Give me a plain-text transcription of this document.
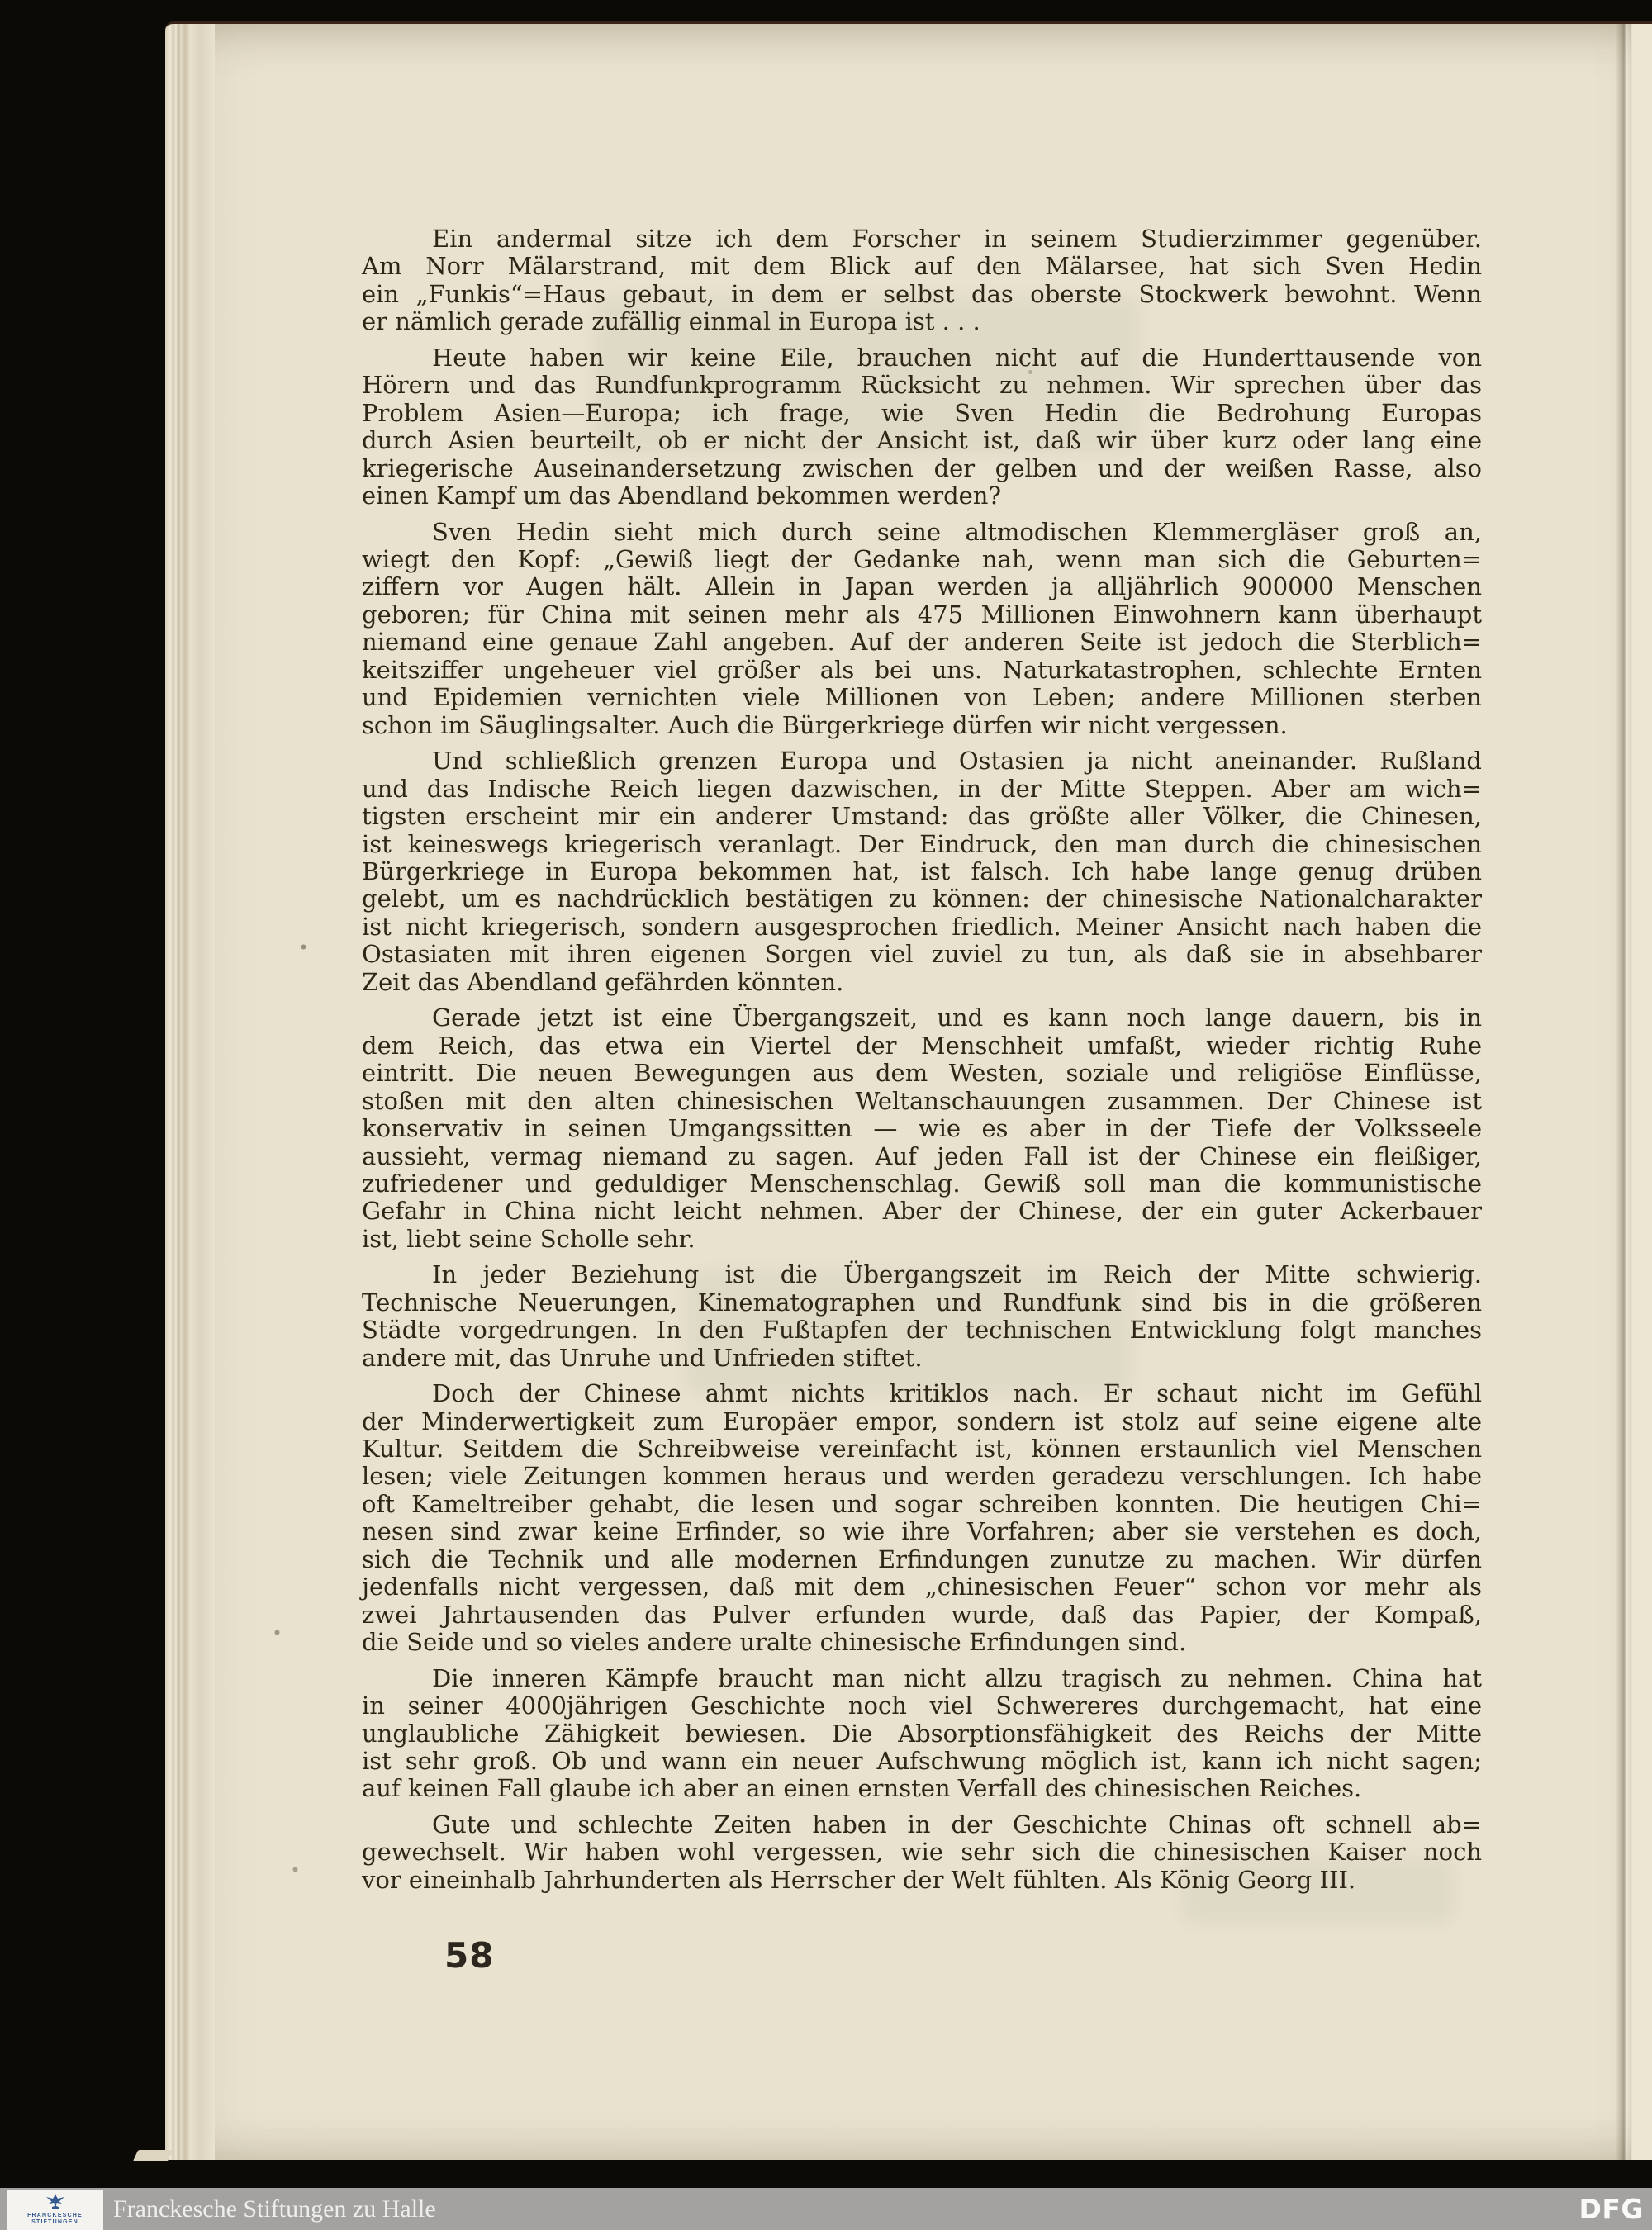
Ein andermal sitze ich dem Forscher in seinem Studierzimmer gegenüber.
Am Norr Mälarstrand, mit dem Blick auf den Mälarsee, hat sich Sven Hedin
ein „Funkis“=Haus gebaut, in dem er selbst das oberste Stockwerk bewohnt. Wenn
er nämlich gerade zufällig einmal in Europa ist . . .

Heute haben wir keine Eile, brauchen nicht auf die Hunderttausende von
Hörern und das Rundfunkprogramm Rücksicht zu nehmen. Wir sprechen über das
Problem Asien—Europa; ich frage, wie Sven Hedin die Bedrohung Europas
durch Asien beurteilt, ob er nicht der Ansicht ist, daß wir über kurz oder lang eine
kriegerische Auseinandersetzung zwischen der gelben und der weißen Rasse, also
einen Kampf um das Abendland bekommen werden?

Sven Hedin sieht mich durch seine altmodischen Klemmergläser groß an,
wiegt den Kopf: „Gewiß liegt der Gedanke nah, wenn man sich die Geburten=
ziffern vor Augen hält. Allein in Japan werden ja alljährlich 900000 Menschen
geboren; für China mit seinen mehr als 475 Millionen Einwohnern kann überhaupt
niemand eine genaue Zahl angeben. Auf der anderen Seite ist jedoch die Sterblich=
keitsziffer ungeheuer viel größer als bei uns. Naturkatastrophen, schlechte Ernten
und Epidemien vernichten viele Millionen von Leben; andere Millionen sterben
schon im Säuglingsalter. Auch die Bürgerkriege dürfen wir nicht vergessen.

Und schließlich grenzen Europa und Ostasien ja nicht aneinander. Rußland
und das Indische Reich liegen dazwischen, in der Mitte Steppen. Aber am wich=
tigsten erscheint mir ein anderer Umstand: das größte aller Völker, die Chinesen,
ist keineswegs kriegerisch veranlagt. Der Eindruck, den man durch die chinesischen
Bürgerkriege in Europa bekommen hat, ist falsch. Ich habe lange genug drüben
gelebt, um es nachdrücklich bestätigen zu können: der chinesische Nationalcharakter
ist nicht kriegerisch, sondern ausgesprochen friedlich. Meiner Ansicht nach haben die
Ostasiaten mit ihren eigenen Sorgen viel zuviel zu tun, als daß sie in absehbarer
Zeit das Abendland gefährden könnten.

Gerade jetzt ist eine Übergangszeit, und es kann noch lange dauern, bis in
dem Reich, das etwa ein Viertel der Menschheit umfaßt, wieder richtig Ruhe
eintritt. Die neuen Bewegungen aus dem Westen, soziale und religiöse Einflüsse,
stoßen mit den alten chinesischen Weltanschauungen zusammen. Der Chinese ist
konservativ in seinen Umgangssitten — wie es aber in der Tiefe der Volksseele
aussieht, vermag niemand zu sagen. Auf jeden Fall ist der Chinese ein fleißiger,
zufriedener und geduldiger Menschenschlag. Gewiß soll man die kommunistische
Gefahr in China nicht leicht nehmen. Aber der Chinese, der ein guter Ackerbauer
ist, liebt seine Scholle sehr.

In jeder Beziehung ist die Übergangszeit im Reich der Mitte schwierig.
Technische Neuerungen, Kinematographen und Rundfunk sind bis in die größeren
Städte vorgedrungen. In den Fußtapfen der technischen Entwicklung folgt manches
andere mit, das Unruhe und Unfrieden stiftet.

Doch der Chinese ahmt nichts kritiklos nach. Er schaut nicht im Gefühl
der Minderwertigkeit zum Europäer empor, sondern ist stolz auf seine eigene alte
Kultur. Seitdem die Schreibweise vereinfacht ist, können erstaunlich viel Menschen
lesen; viele Zeitungen kommen heraus und werden geradezu verschlungen. Ich habe
oft Kameltreiber gehabt, die lesen und sogar schreiben konnten. Die heutigen Chi=
nesen sind zwar keine Erfinder, so wie ihre Vorfahren; aber sie verstehen es doch,
sich die Technik und alle modernen Erfindungen zunutze zu machen. Wir dürfen
jedenfalls nicht vergessen, daß mit dem „chinesischen Feuer“ schon vor mehr als
zwei Jahrtausenden das Pulver erfunden wurde, daß das Papier, der Kompaß,
die Seide und so vieles andere uralte chinesische Erfindungen sind.

Die inneren Kämpfe braucht man nicht allzu tragisch zu nehmen. China hat
in seiner 4000jährigen Geschichte noch viel Schwereres durchgemacht, hat eine
unglaubliche Zähigkeit bewiesen. Die Absorptionsfähigkeit des Reichs der Mitte
ist sehr groß. Ob und wann ein neuer Aufschwung möglich ist, kann ich nicht sagen;
auf keinen Fall glaube ich aber an einen ernsten Verfall des chinesischen Reiches.

Gute und schlechte Zeiten haben in der Geschichte Chinas oft schnell ab=
gewechselt. Wir haben wohl vergessen, wie sehr sich die chinesischen Kaiser noch
vor eineinhalb Jahrhunderten als Herrscher der Welt fühlten. Als König Georg III.

58
FRANCKESCHE
STIFTUNGEN	Franckesche Stiftungen zu Halle	DFG
